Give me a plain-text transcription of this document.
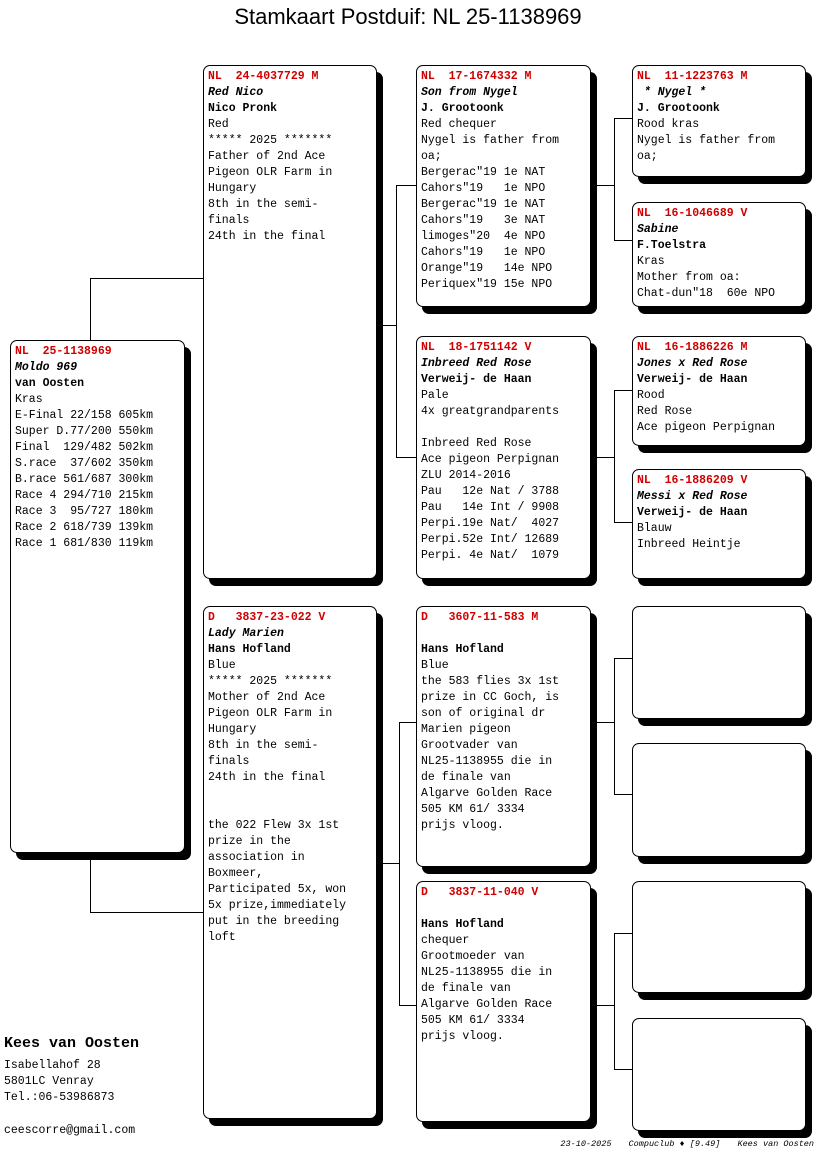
Stamkaart Postduif: NL 25-1138969
NL  25-1138969
Moldo 969
van Oosten
Kras
E-Final 22/158 605km
Super D.77/200 550km
Final  129/482 502km
S.race  37/602 350km
B.race 561/687 300km
Race 4 294/710 215km
Race 3  95/727 180km
Race 2 618/739 139km
Race 1 681/830 119km
NL  24-4037729 M
Red Nico
Nico Pronk
Red
***** 2025 *******
Father of 2nd Ace
Pigeon OLR Farm in
Hungary
8th in the semi-
finals
24th in the final
D   3837-23-022 V
Lady Marien
Hans Hofland
Blue
***** 2025 *******
Mother of 2nd Ace
Pigeon OLR Farm in
Hungary
8th in the semi-
finals
24th in the final
the 022 Flew 3x 1st
prize in the
association in
Boxmeer,
Participated 5x, won
5x prize,immediately
put in the breeding
loft
NL  17-1674332 M
Son from Nygel
J. Grootoonk
Red chequer
Nygel is father from
oa;
Bergerac"19 1e NAT
Cahors"19   1e NPO
Bergerac"19 1e NAT
Cahors"19   3e NAT
limoges"20  4e NPO
Cahors"19   1e NPO
Orange"19   14e NPO
Periquex"19 15e NPO
NL  18-1751142 V
Inbreed Red Rose
Verweij- de Haan
Pale
4x greatgrandparents
Inbreed Red Rose
Ace pigeon Perpignan
ZLU 2014-2016
Pau   12e Nat / 3788
Pau   14e Int / 9908
Perpi.19e Nat/  4027
Perpi.52e Int/ 12689
Perpi. 4e Nat/  1079
D   3607-11-583 M
Hans Hofland
Blue
the 583 flies 3x 1st
prize in CC Goch, is
son of original dr
Marien pigeon
Grootvader van
NL25-1138955 die in
de finale van
Algarve Golden Race
505 KM 61/ 3334
prijs vloog.
D   3837-11-040 V
Hans Hofland
chequer
Grootmoeder van
NL25-1138955 die in
de finale van
Algarve Golden Race
505 KM 61/ 3334
prijs vloog.
NL  11-1223763 M
* Nygel *
J. Grootoonk
Rood kras
Nygel is father from
oa;
NL  16-1046689 V
Sabine
F.Toelstra
Kras
Mother from oa:
Chat-dun"18  60e NPO
NL  16-1886226 M
Jones x Red Rose
Verweij- de Haan
Rood
Red Rose
Ace pigeon Perpignan
NL  16-1886209 V
Messi x Red Rose
Verweij- de Haan
Blauw
Inbreed Heintje
Kees van Oosten
Isabellahof 28
5801LC Venray
Tel.:06-53986873
ceescorre@gmail.com
23-10-2025 Compuclub ♦ [9.49] Kees van Oosten
